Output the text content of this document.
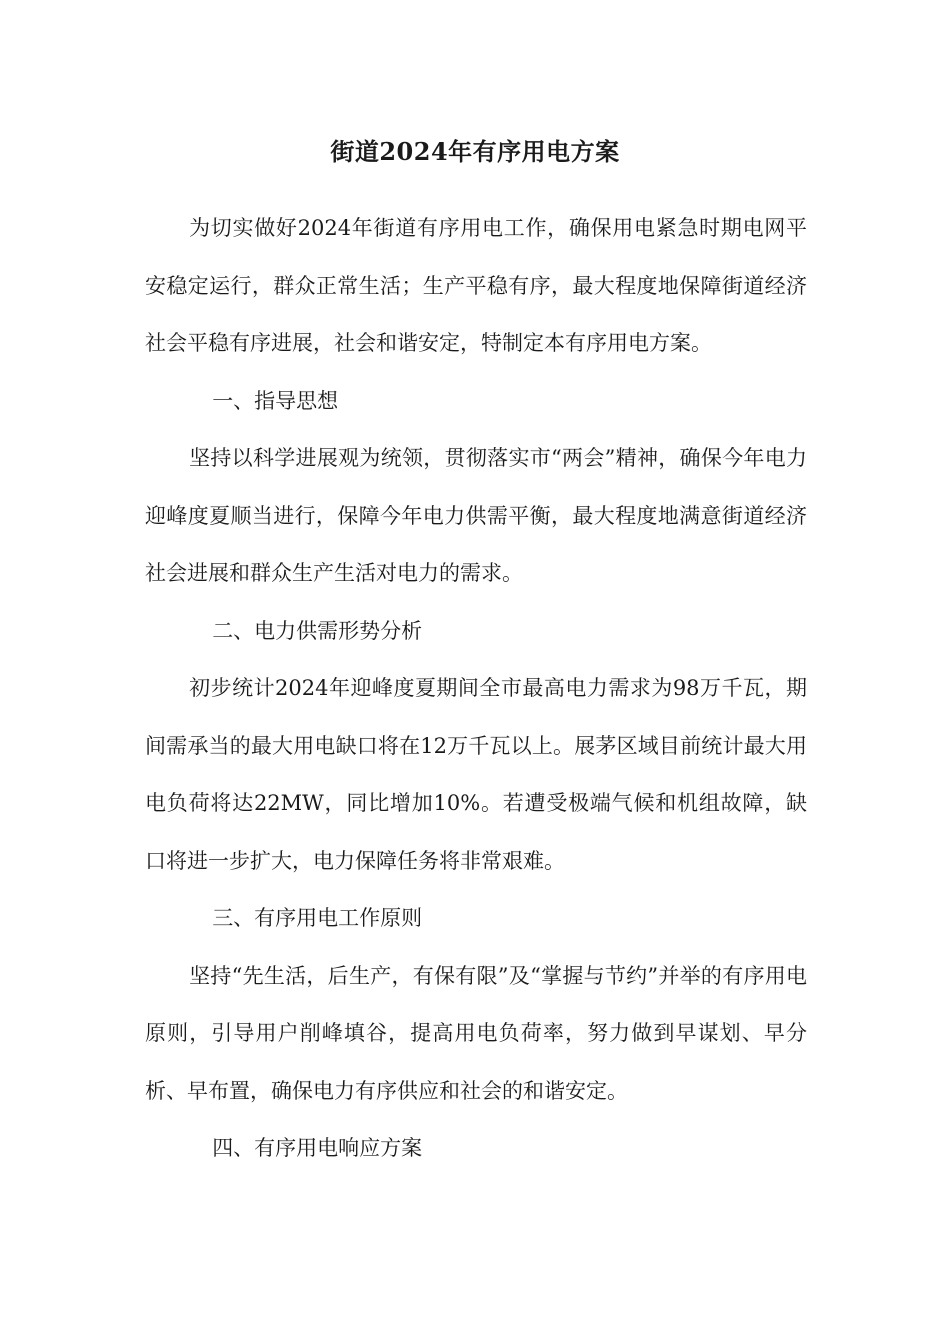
街道2024年有序用电方案

为切实做好2024年街道有序用电工作，确保用电紧急时期电网平安稳定运行，群众正常生活；生产平稳有序，最大程度地保障街道经济社会平稳有序进展，社会和谐安定，特制定本有序用电方案。

一、指导思想

坚持以科学进展观为统领，贯彻落实市“两会”精神，确保今年电力迎峰度夏顺当进行，保障今年电力供需平衡，最大程度地满意街道经济社会进展和群众生产生活对电力的需求。

二、电力供需形势分析

初步统计2024年迎峰度夏期间全市最高电力需求为98万千瓦，期间需承当的最大用电缺口将在12万千瓦以上。展茅区域目前统计最大用电负荷将达22MW，同比增加10%。若遭受极端气候和机组故障，缺口将进一步扩大，电力保障任务将非常艰难。

三、有序用电工作原则

坚持“先生活，后生产，有保有限”及“掌握与节约”并举的有序用电原则，引导用户削峰填谷，提高用电负荷率，努力做到早谋划、早分析、早布置，确保电力有序供应和社会的和谐安定。

四、有序用电响应方案
